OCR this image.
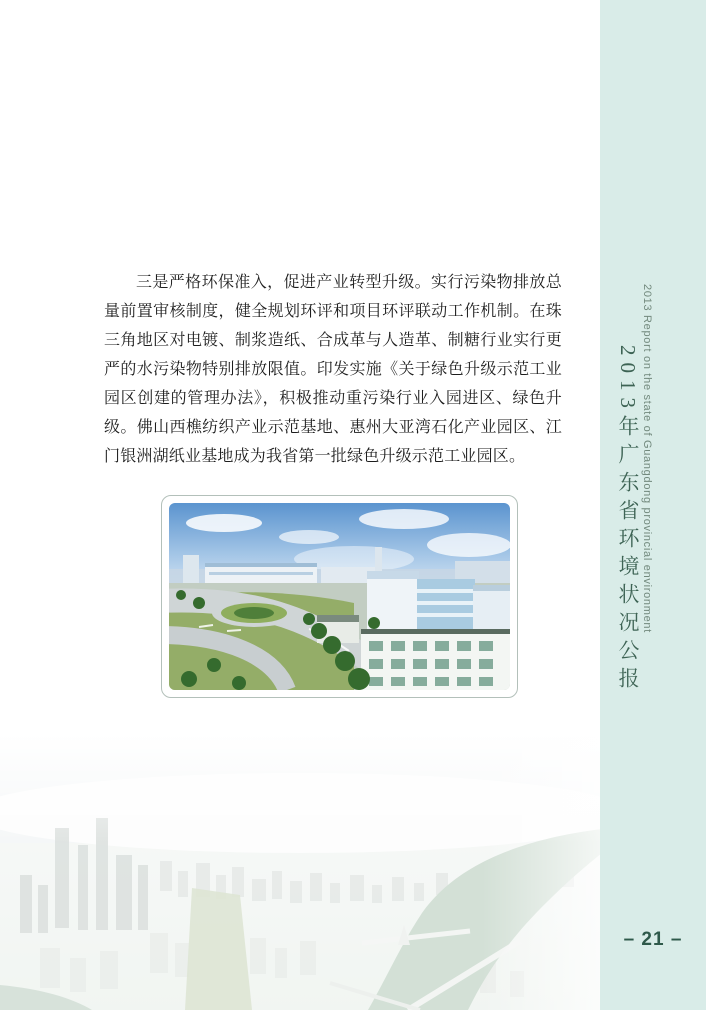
三是严格环保准入，促进产业转型升级。实行污染物排放总量前置审核制度，健全规划环评和项目环评联动工作机制。在珠三角地区对电镀、制浆造纸、合成革与人造革、制糖行业实行更严的水污染物特别排放限值。印发实施《关于绿色升级示范工业园区创建的管理办法》，积极推动重污染行业入园进区、绿色升级。佛山西樵纺织产业示范基地、惠州大亚湾石化产业园区、江门银洲湖纸业基地成为我省第一批绿色升级示范工业园区。	2013 Report on the state of Guangdong provincial environment
2013年广东省环境状况公报
– 21 –
